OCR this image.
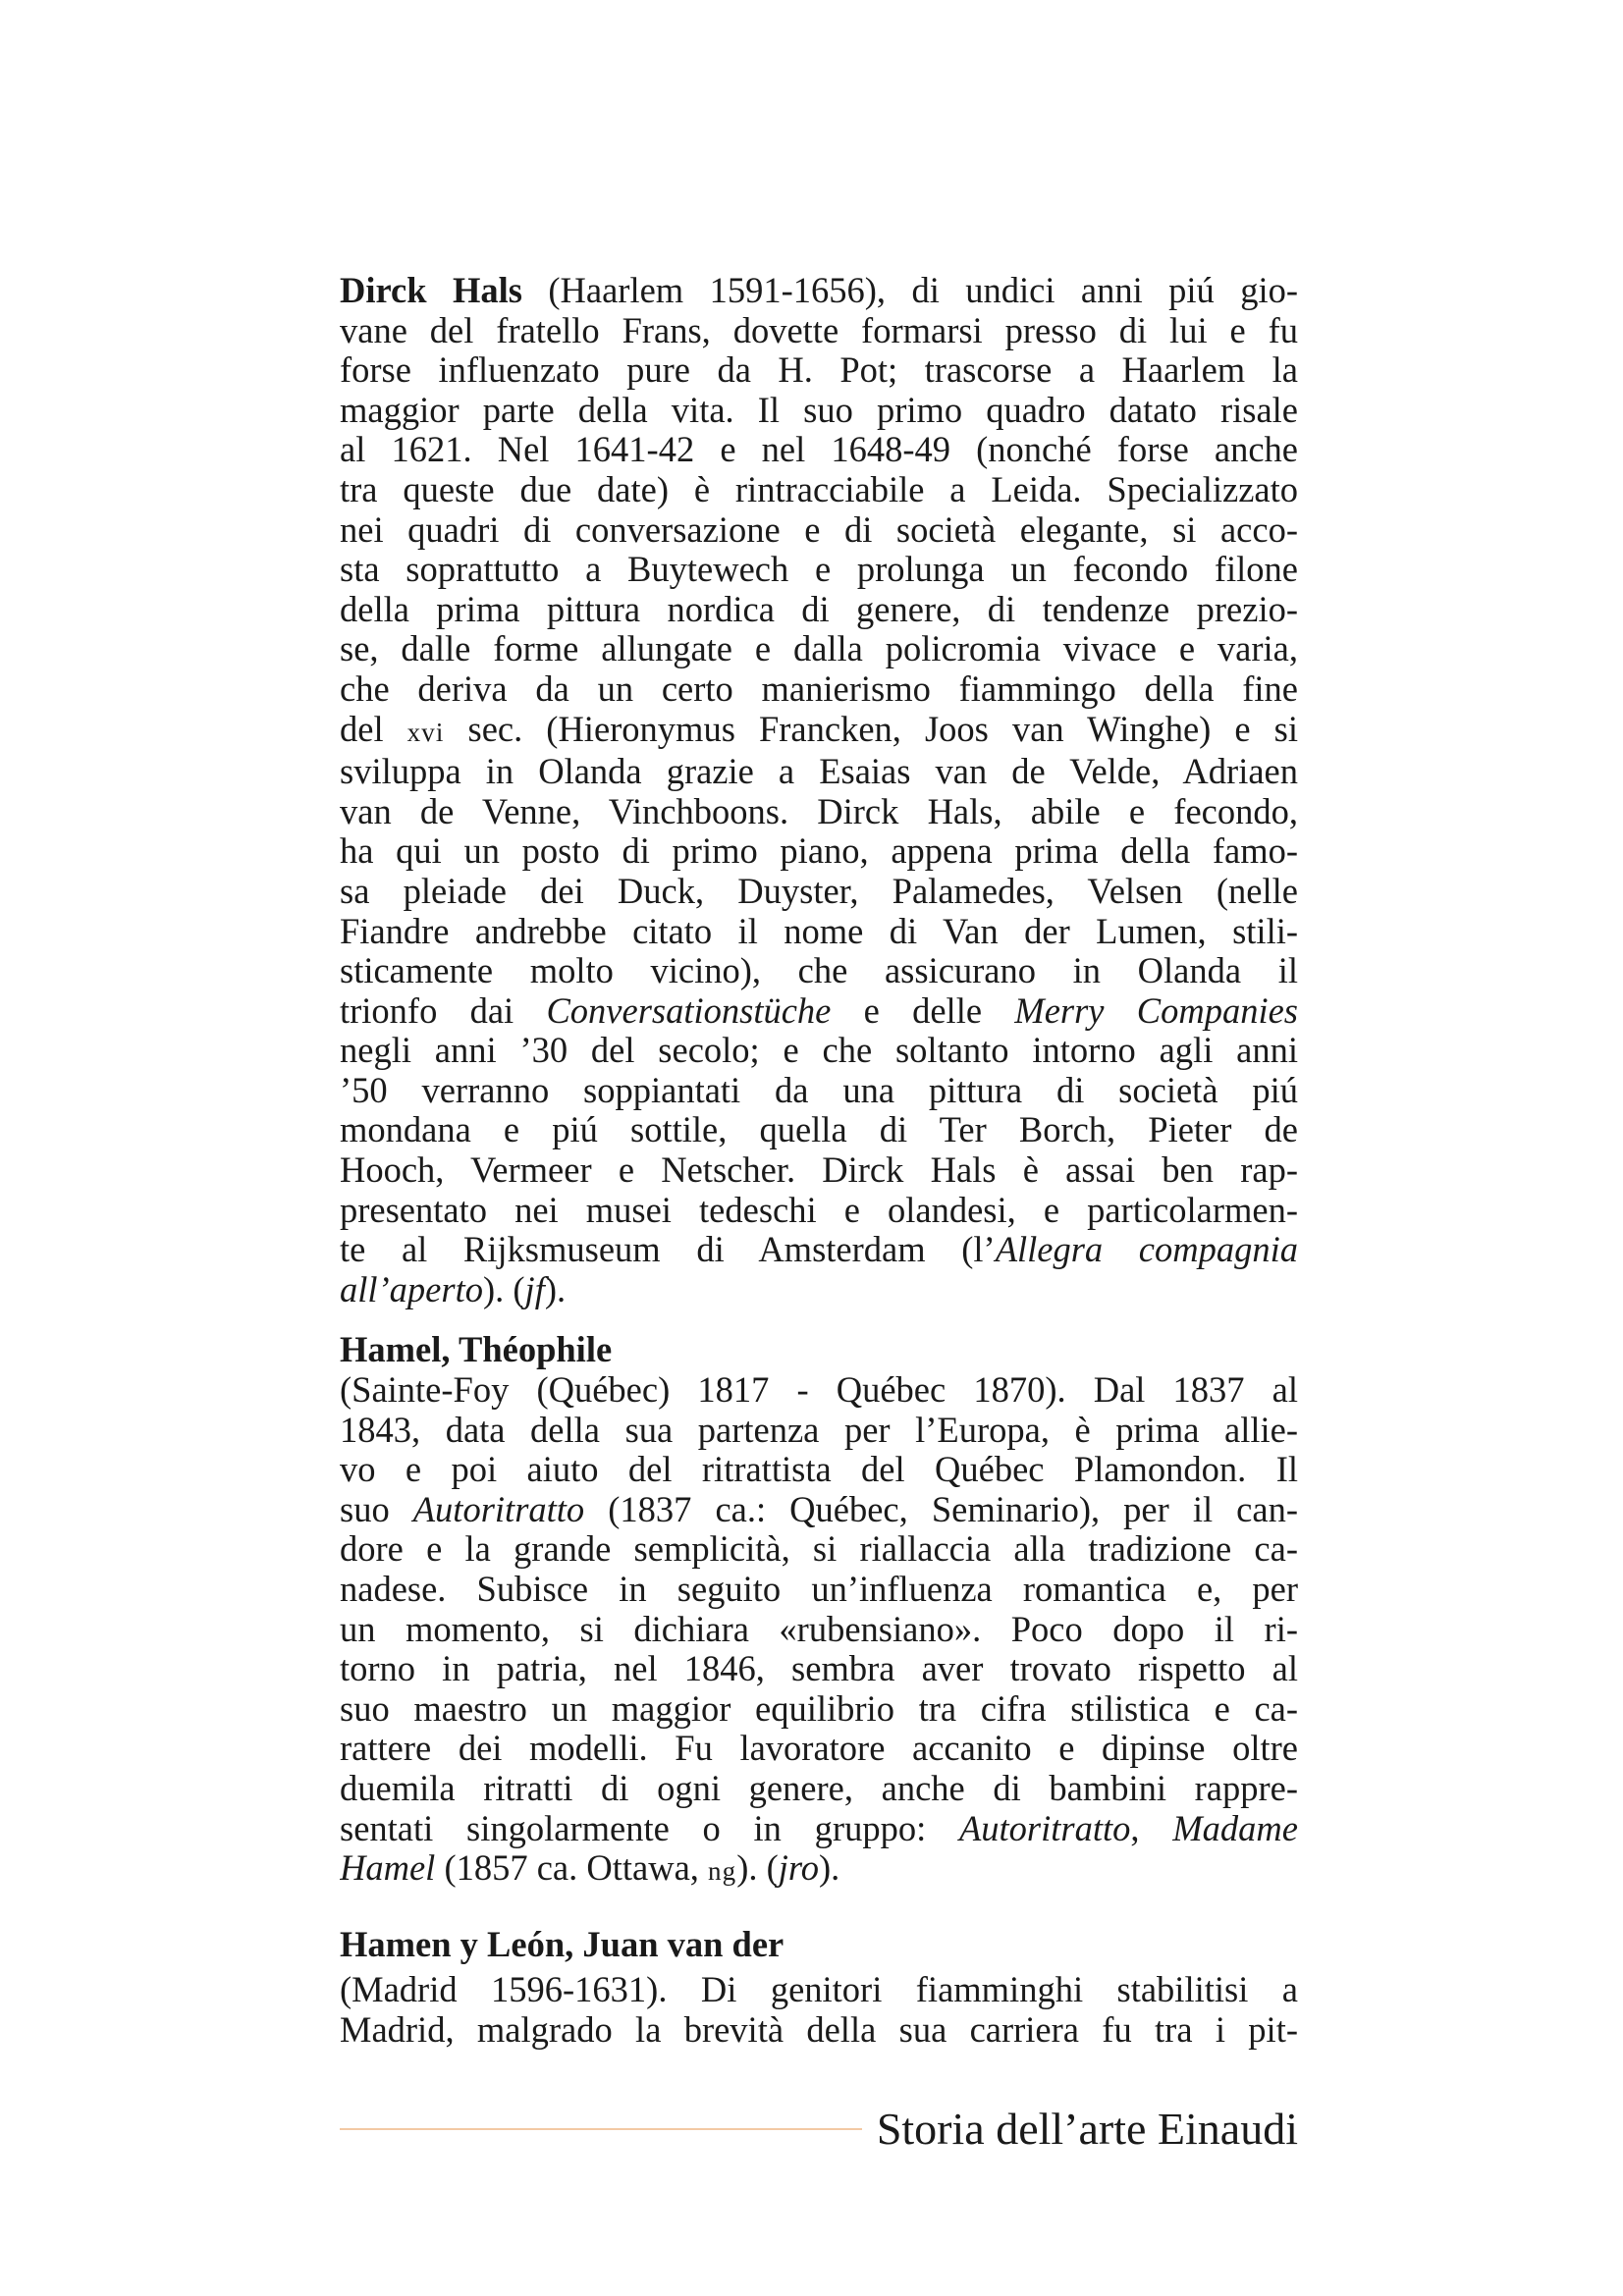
Dirck Hals (Haarlem 1591-1656), di undici anni piú gio-
vane del fratello Frans, dovette formarsi presso di lui e fu
forse influenzato pure da H. Pot; trascorse a Haarlem la
maggior parte della vita. Il suo primo quadro datato risale
al 1621. Nel 1641-42 e nel 1648-49 (nonché forse anche
tra queste due date) è rintracciabile a Leida. Specializzato
nei quadri di conversazione e di società elegante, si acco-
sta soprattutto a Buytewech e prolunga un fecondo filone
della prima pittura nordica di genere, di tendenze prezio-
se, dalle forme allungate e dalla policromia vivace e varia,
che deriva da un certo manierismo fiammingo della fine
del xvi sec. (Hieronymus Francken, Joos van Winghe) e si
sviluppa in Olanda grazie a Esaias van de Velde, Adriaen
van de Venne, Vinchboons. Dirck Hals, abile e fecondo,
ha qui un posto di primo piano, appena prima della famo-
sa pleiade dei Duck, Duyster, Palamedes, Velsen (nelle
Fiandre andrebbe citato il nome di Van der Lumen, stili-
sticamente molto vicino), che assicurano in Olanda il
trionfo dai Conversationstüche e delle Merry Companies
negli anni ’30 del secolo; e che soltanto intorno agli anni
’50 verranno soppiantati da una pittura di società piú
mondana e piú sottile, quella di Ter Borch, Pieter de
Hooch, Vermeer e Netscher. Dirck Hals è assai ben rap-
presentato nei musei tedeschi e olandesi, e particolarmen-
te al Rijksmuseum di Amsterdam (l’Allegra compagnia
all’aperto). (jf).
Hamel, Théophile
(Sainte-Foy (Québec) 1817 - Québec 1870). Dal 1837 al
1843, data della sua partenza per l’Europa, è prima allie-
vo e poi aiuto del ritrattista del Québec Plamondon. Il
suo Autoritratto (1837 ca.: Québec, Seminario), per il can-
dore e la grande semplicità, si riallaccia alla tradizione ca-
nadese. Subisce in seguito un’influenza romantica e, per
un momento, si dichiara «rubensiano». Poco dopo il ri-
torno in patria, nel 1846, sembra aver trovato rispetto al
suo maestro un maggior equilibrio tra cifra stilistica e ca-
rattere dei modelli. Fu lavoratore accanito e dipinse oltre
duemila ritratti di ogni genere, anche di bambini rappre-
sentati singolarmente o in gruppo: Autoritratto, Madame
Hamel (1857 ca. Ottawa, ng). (jro).
Hamen y León, Juan van der
(Madrid 1596-1631). Di genitori fiamminghi stabilitisi a
Madrid, malgrado la brevità della sua carriera fu tra i pit-
Storia dell’arte Einaudi
